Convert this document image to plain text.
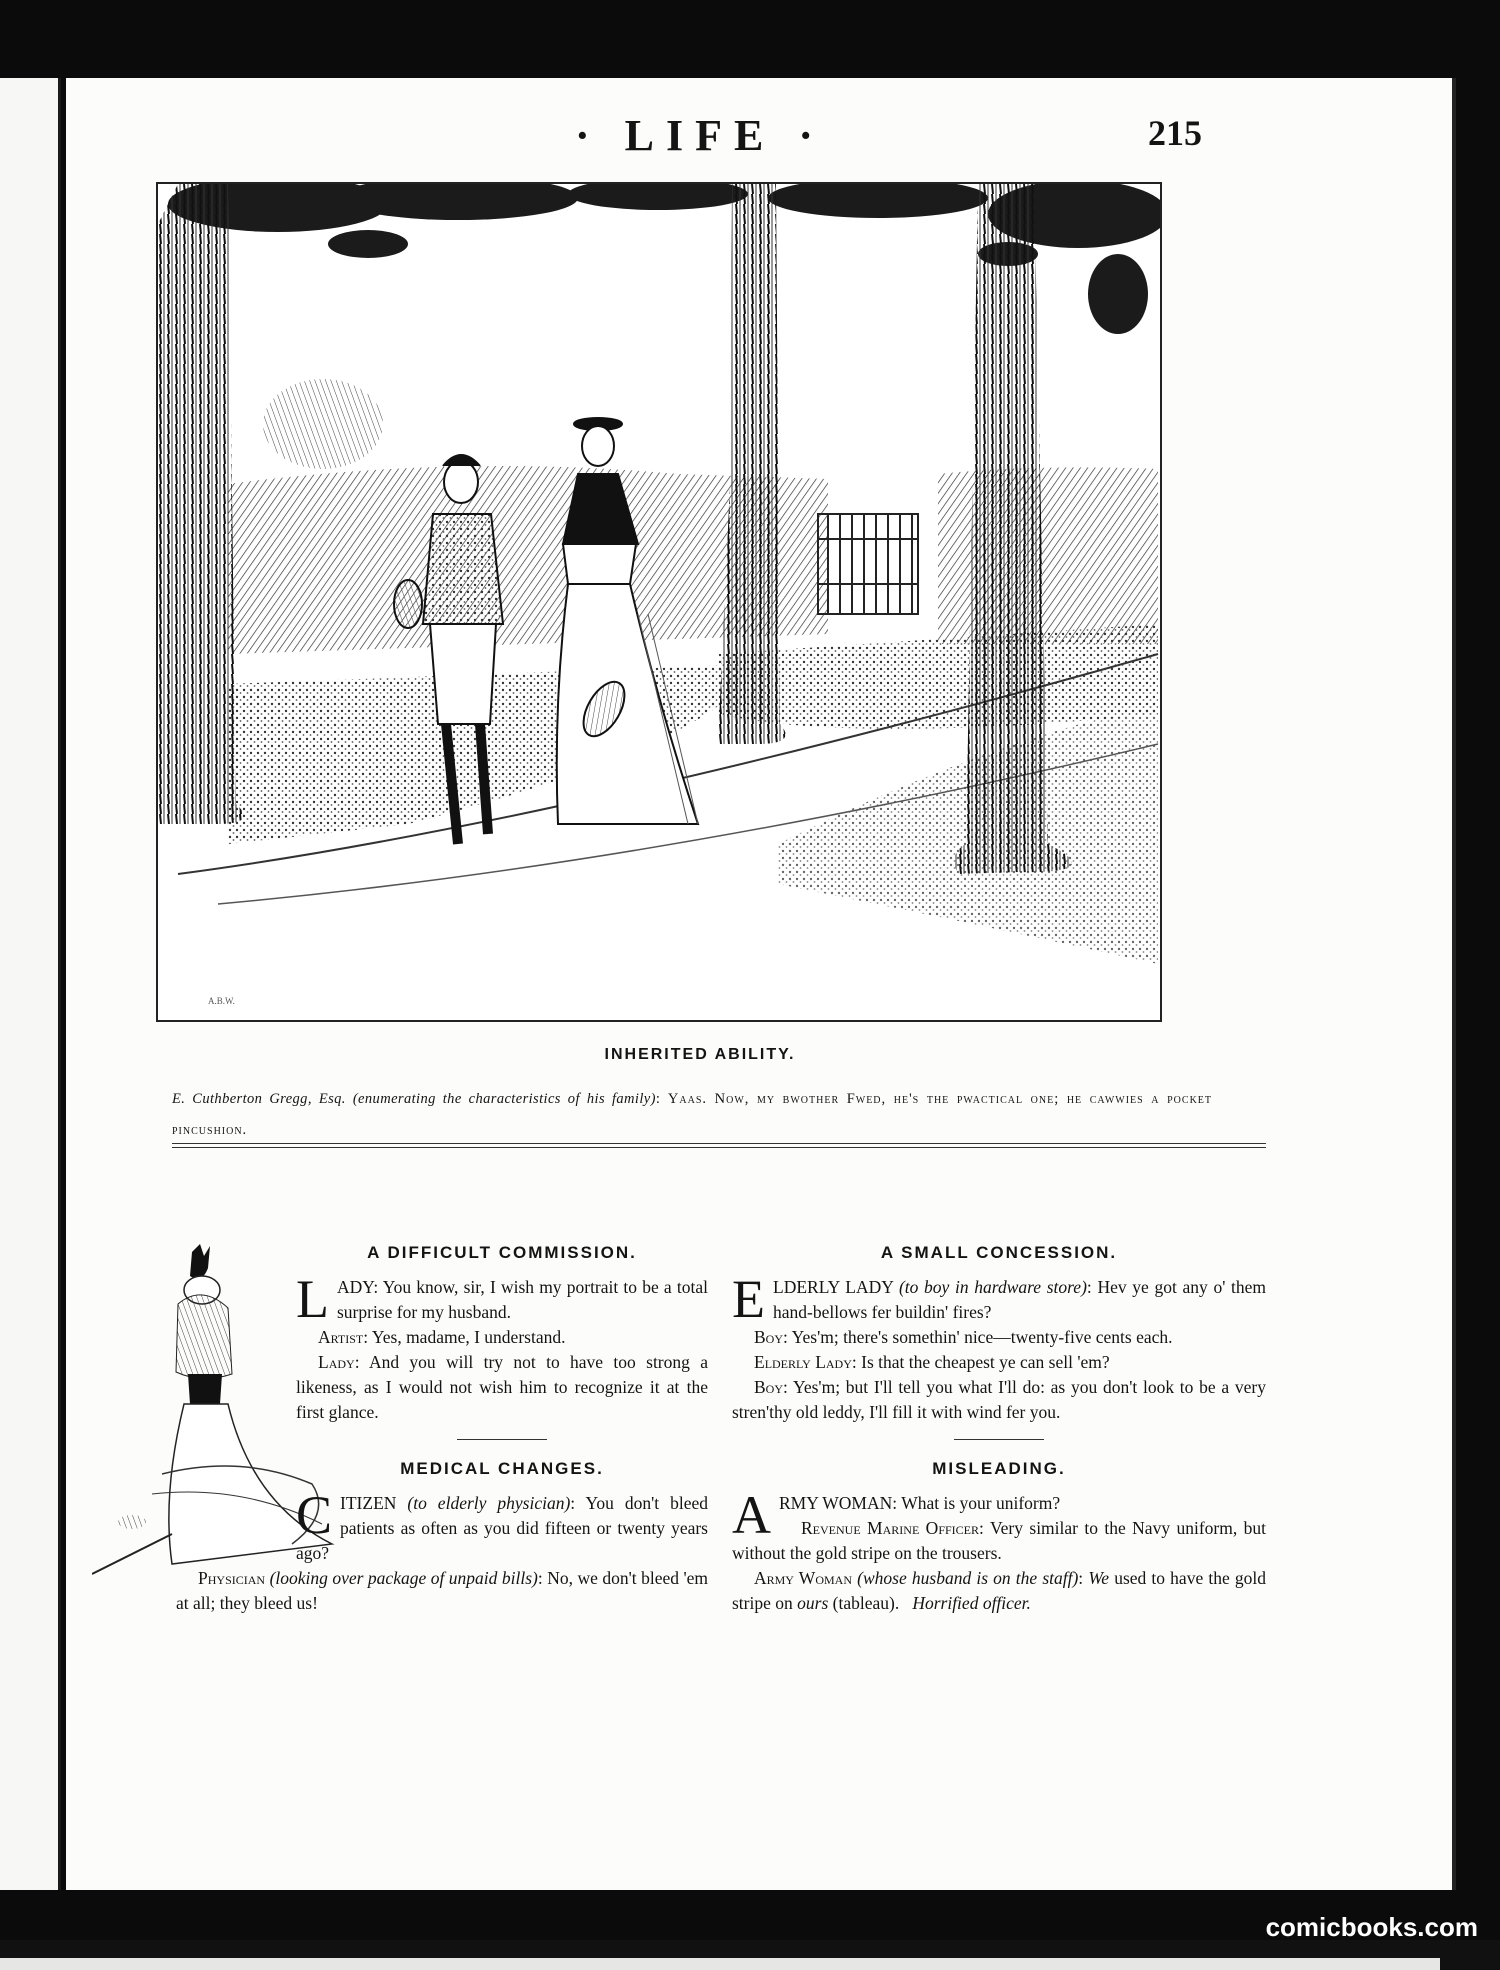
· LIFE ·	215
A.B.W.
INHERITED ABILITY.
E. Cuthberton Gregg, Esq. (enumerating the characteristics of his family): Yaas. Now, my bwother Fwed, he's the pwactical one; he cawwies a pocket pincushion.
A DIFFICULT COMMISSION.

LADY: You know, sir, I wish my portrait to be a total surprise for my husband.

Artist: Yes, madame, I understand.

Lady: And you will try not to have too strong a likeness, as I would not wish him to recognize it at the first glance.

MEDICAL CHANGES.

CITIZEN (to elderly physician): You don't bleed patients as often as you did fifteen or twenty years ago?

Physician (looking over package of unpaid bills): No, we don't bleed 'em at all; they bleed us!

A SMALL CONCESSION.

ELDERLY LADY (to boy in hardware store): Hev ye got any o' them hand-bellows fer buildin' fires?

Boy: Yes'm; there's somethin' nice—twenty-five cents each.

Elderly Lady: Is that the cheapest ye can sell 'em?

Boy: Yes'm; but I'll tell you what I'll do: as you don't look to be a very stren'thy old leddy, I'll fill it with wind fer you.

MISLEADING.

ARMY WOMAN: What is your uniform?

Revenue Marine Officer: Very similar to the Navy uniform, but without the gold stripe on the trousers.

Army Woman (whose husband is on the staff): We used to have the gold stripe on ours (tableau). Horrified officer.

comicbooks.com
